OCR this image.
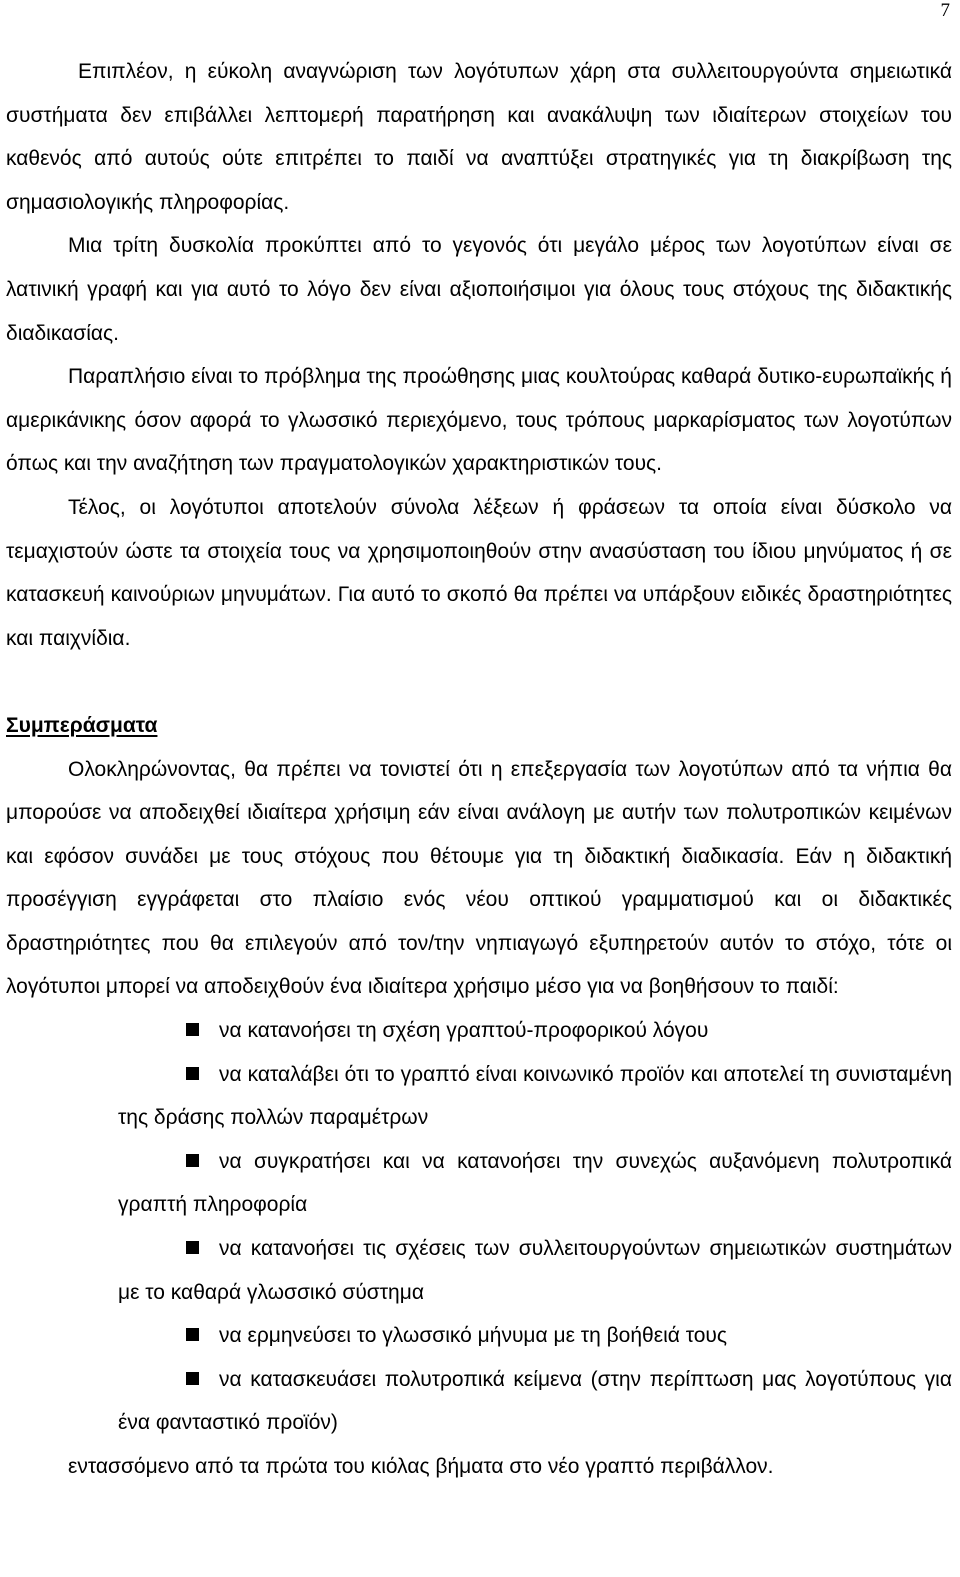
7

Επιπλέον, η εύκολη αναγνώριση των λογότυπων χάρη στα συλλειτουργούντα σημειωτικά συστήματα δεν επιβάλλει λεπτομερή παρατήρηση και ανακάλυψη των ιδιαίτερων στοιχείων του καθενός από αυτούς ούτε επιτρέπει το παιδί να αναπτύξει στρατηγικές για τη διακρίβωση της σημασιολογικής πληροφορίας.

Μια τρίτη δυσκολία προκύπτει από το γεγονός ότι μεγάλο μέρος των λογοτύπων είναι σε λατινική γραφή και για αυτό το λόγο δεν είναι αξιοποιήσιμοι για όλους τους στόχους της διδακτικής διαδικασίας.

Παραπλήσιο είναι το πρόβλημα της προώθησης μιας κουλτούρας καθαρά δυτικο-ευρωπαϊκής ή αμερικάνικης όσον αφορά το γλωσσικό περιεχόμενο, τους τρόπους μαρκαρίσματος των λογοτύπων όπως και την αναζήτηση των πραγματολογικών χαρακτηριστικών τους.

Τέλος, οι λογότυποι αποτελούν σύνολα λέξεων ή φράσεων τα οποία είναι δύσκολο να τεμαχιστούν ώστε τα στοιχεία τους να χρησιμοποιηθούν στην ανασύσταση του ίδιου μηνύματος ή σε κατασκευή καινούριων μηνυμάτων. Για αυτό το σκοπό θα πρέπει να υπάρξουν ειδικές δραστηριότητες και παιχνίδια.

Συμπεράσματα

Ολοκληρώνοντας, θα πρέπει να τονιστεί ότι η επεξεργασία των λογοτύπων από τα νήπια θα μπορούσε να αποδειχθεί ιδιαίτερα χρήσιμη εάν είναι ανάλογη με αυτήν των πολυτροπικών κειμένων και εφόσον συνάδει με τους στόχους που θέτουμε για τη διδακτική διαδικασία. Εάν η διδακτική προσέγγιση εγγράφεται στο πλαίσιο ενός νέου οπτικού γραμματισμού και οι διδακτικές δραστηριότητες που θα επιλεγούν από τον/την νηπιαγωγό εξυπηρετούν αυτόν το στόχο, τότε οι λογότυποι μπορεί να αποδειχθούν ένα ιδιαίτερα χρήσιμο μέσο για να βοηθήσουν το παιδί:

να κατανοήσει τη σχέση γραπτού-προφορικού λόγου
να καταλάβει ότι το γραπτό είναι κοινωνικό προϊόν και αποτελεί τη συνισταμένη της δράσης πολλών παραμέτρων
να συγκρατήσει και να κατανοήσει την συνεχώς αυξανόμενη πολυτροπικά γραπτή πληροφορία
να κατανοήσει τις σχέσεις των συλλειτουργούντων σημειωτικών συστημάτων με το καθαρά γλωσσικό σύστημα
να ερμηνεύσει το γλωσσικό μήνυμα με τη βοήθειά τους
να κατασκευάσει πολυτροπικά κείμενα (στην περίπτωση μας λογοτύπους για ένα φανταστικό προϊόν)

εντασσόμενο από τα πρώτα του κιόλας βήματα στο νέο γραπτό περιβάλλον.
